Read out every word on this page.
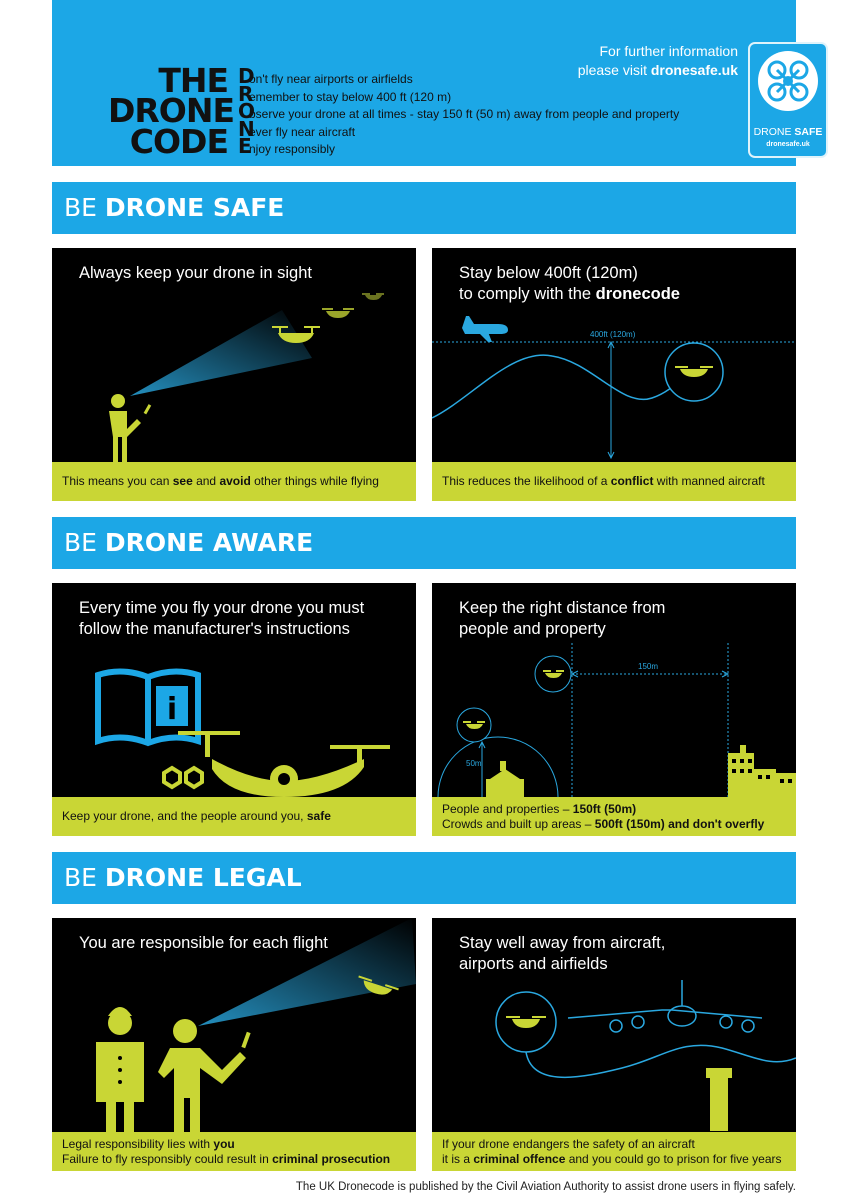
THE
DRONE
CODE
D
on't fly near airports or airfields
R
emember to stay below 400 ft (120 m)
O
bserve your drone at all times - stay 150 ft (50 m) away from people and property
N
ever fly near aircraft
E
njoy responsibly
For further information
please visit dronesafe.uk
DRONE SAFE
dronesafe.uk
BE DRONE SAFE
Always keep your drone in sight
This means you can see and avoid other things while flying
Stay below 400ft (120m)
to comply with the dronecode
400ft (120m)
This reduces the likelihood of a conflict with manned aircraft
BE DRONE AWARE
i
Every time you fly your drone you must
follow the manufacturer's instructions
Keep your drone, and the people around you, safe
Keep the right distance from
people and property
150m
50m
People and properties – 150ft (50m)
Crowds and built up areas – 500ft (150m) and don't overfly
BE DRONE LEGAL
You are responsible for each flight
Legal responsibility lies with you
Failure to fly responsibly could result in criminal prosecution
Stay well away from aircraft,
airports and airfields
If your drone endangers the safety of an aircraft
it is a criminal offence and you could go to prison for five years
The UK Dronecode is published by the Civil Aviation Authority to assist drone users in flying safely.
